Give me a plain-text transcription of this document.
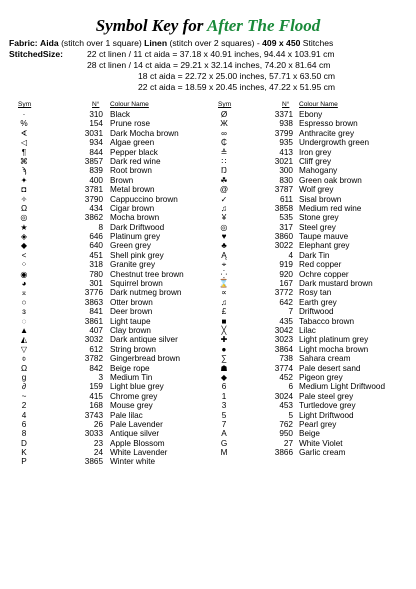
Symbol Key for After The Flood
Fabric: Aida (stitch over 1 square) Linen (stitch over 2 squares) - 409 x 450 Stitches
StitchedSize:	22 ct linen / 11 ct aida = 37.18 x 40.91 inches, 94.44 x 103.91 cm
28 ct linen / 14 ct aida = 29.21 x 32.14 inches, 74.20 x 81.64 cm
18 ct aida = 22.72 x 25.00 inches, 57.71 x 63.50 cm
22 ct aida = 18.59 x 20.45 inches, 47.22 x 51.95 cm
Sym	N° Colour Name	Sym	N° Colour Name
·	310 Black
%	154 Prune rose
∢	3031 Dark Mocha brown
◁	934 Algae green
¶	844 Pepper black
⌘	3857 Dark red wine
ϡ	839 Root brown
✦	400 Brown
◘	3781 Metal brown
✧	3790 Cappuccino brown
Ω	434 Cigar brown
◎	3862 Mocha brown
★	8 Dark Driftwood
◈	646 Platinum grey
◆	640 Green grey
<	451 Shell pink grey
⁘	318 Granite grey
◉	780 Chestnut tree brown
◕	301 Squirrel brown
⌅	3776 Dark nutmeg brown
○	3863 Otter brown
ɜ	841 Deer brown
◌	3861 Light taupe
▲	407 Clay brown
◭	3032 Dark antique silver
▽	612 String brown
⌽	3782 Gingerbread brown
Ω	842 Beige rope
g	3 Medium Tin
∂	159 Light blue grey
~	415 Chrome grey
2	168 Mouse grey
4	3743 Pale lilac
6	26 Pale Lavender
8	3033 Antique silver
D	23 Apple Blossom
K	24 White Lavender
P	3865 Winter white
Ø	3371 Ebony
Ж	938 Espresso brown
∞	3799 Anthracite grey
₵	935 Undergrowth green
≙	413 Iron grey
∷	3021 Cliff grey
Ŋ	300 Mahogany
☘	830 Green oak brown
@	3787 Wolf grey
✓	611 Sisal brown
♫	3858 Medium red wine
¥	535 Stone grey
◎	317 Steel grey
♥	3860 Taupe mauve
♣	3022 Elephant grey
Ą	4 Dark Tin
⌖	919 Red copper
⁛	920 Ochre copper
⌛	167 Dark mustard brown
∝	3772 Rosy tan
♫	642 Earth grey
£	7 Driftwood
■	435 Tabacco brown
╳	3042 Lilac
✚	3023 Light platinum grey
●	3864 Light mocha brown
∑	738 Sahara cream
☗	3774 Pale desert sand
◆	452 Pigeon grey
6	6 Medium Light Driftwood
1	3024 Pale steel grey
3	453 Turtledove grey
5	5 Light Driftwood
7	762 Pearl grey
A	950 Beige
G	27 White Violet
M	3866 Garlic cream
